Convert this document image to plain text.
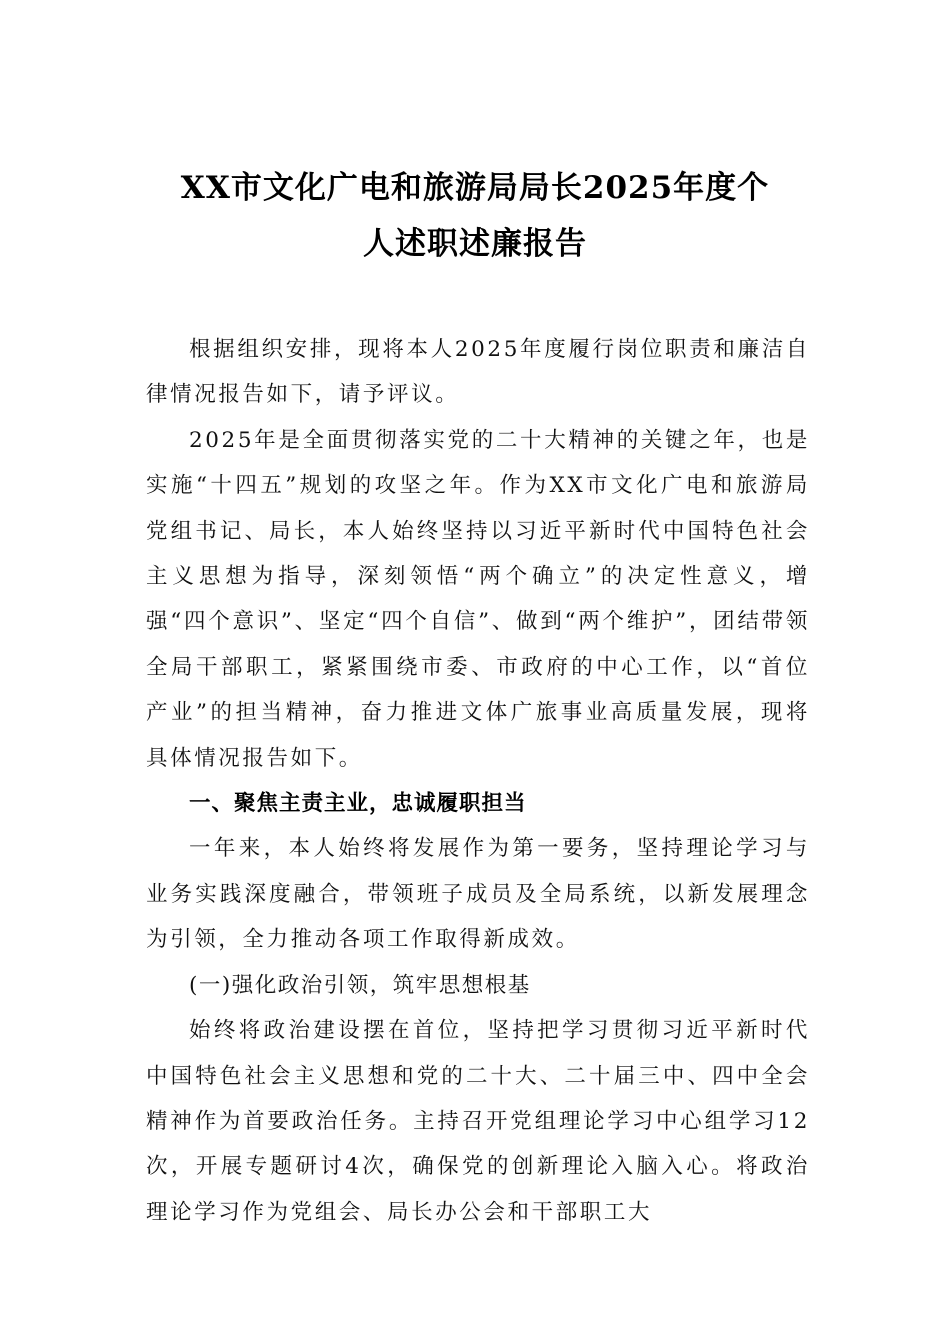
XX市文化广电和旅游局局长2025年度个
人述职述廉报告

根据组织安排，现将本人2025年度履行岗位职责和廉洁自律情况报告如下，请予评议。

2025年是全面贯彻落实党的二十大精神的关键之年，也是实施“十四五”规划的攻坚之年。作为XX市文化广电和旅游局党组书记、局长，本人始终坚持以习近平新时代中国特色社会主义思想为指导，深刻领悟“两个确立”的决定性意义，增强“四个意识”、坚定“四个自信”、做到“两个维护”，团结带领全局干部职工，紧紧围绕市委、市政府的中心工作，以“首位产业”的担当精神，奋力推进文体广旅事业高质量发展，现将具体情况报告如下。

一、聚焦主责主业，忠诚履职担当

一年来，本人始终将发展作为第一要务，坚持理论学习与业务实践深度融合，带领班子成员及全局系统，以新发展理念为引领，全力推动各项工作取得新成效。

(一)强化政治引领，筑牢思想根基

始终将政治建设摆在首位，坚持把学习贯彻习近平新时代中国特色社会主义思想和党的二十大、二十届三中、四中全会精神作为首要政治任务。主持召开党组理论学习中心组学习12次，开展专题研讨4次，确保党的创新理论入脑入心。将政治理论学习作为党组会、局长办公会和干部职工大
